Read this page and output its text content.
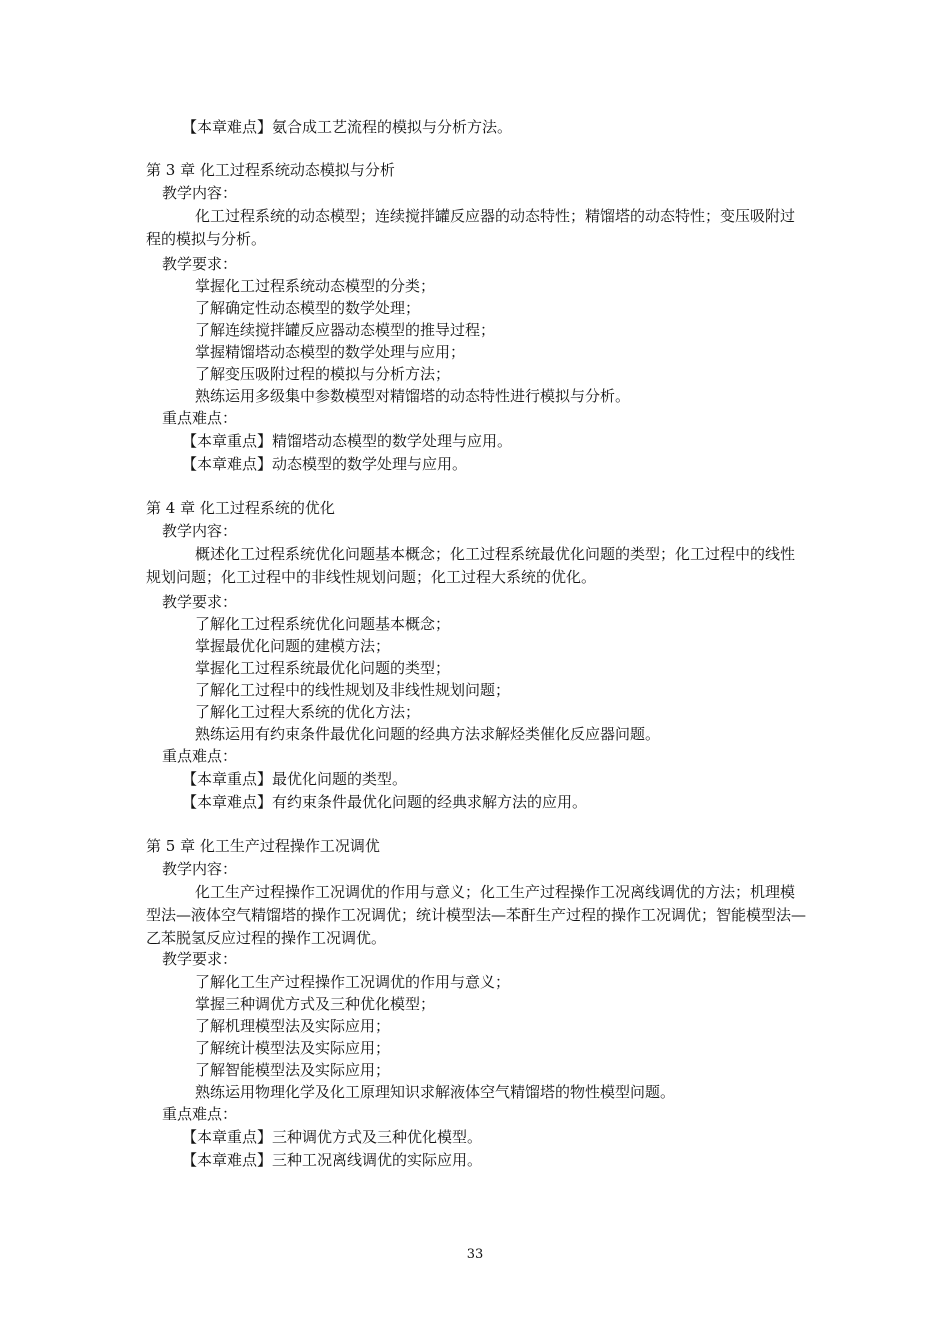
【本章难点】氨合成工艺流程的模拟与分析方法。
第 3 章 化工过程系统动态模拟与分析
教学内容：
化工过程系统的动态模型；连续搅拌罐反应器的动态特性；精馏塔的动态特性；变压吸附过程的模拟与分析。
教学要求：
掌握化工过程系统动态模型的分类；
了解确定性动态模型的数学处理；
了解连续搅拌罐反应器动态模型的推导过程；
掌握精馏塔动态模型的数学处理与应用；
了解变压吸附过程的模拟与分析方法；
熟练运用多级集中参数模型对精馏塔的动态特性进行模拟与分析。
重点难点：
【本章重点】精馏塔动态模型的数学处理与应用。
【本章难点】动态模型的数学处理与应用。
第 4 章 化工过程系统的优化
教学内容：
概述化工过程系统优化问题基本概念；化工过程系统最优化问题的类型；化工过程中的线性规划问题；化工过程中的非线性规划问题；化工过程大系统的优化。
教学要求：
了解化工过程系统优化问题基本概念；
掌握最优化问题的建模方法；
掌握化工过程系统最优化问题的类型；
了解化工过程中的线性规划及非线性规划问题；
了解化工过程大系统的优化方法；
熟练运用有约束条件最优化问题的经典方法求解烃类催化反应器问题。
重点难点：
【本章重点】最优化问题的类型。
【本章难点】有约束条件最优化问题的经典求解方法的应用。
第 5 章 化工生产过程操作工况调优
教学内容：
化工生产过程操作工况调优的作用与意义；化工生产过程操作工况离线调优的方法；机理模型法—液体空气精馏塔的操作工况调优；统计模型法—苯酐生产过程的操作工况调优；智能模型法—乙苯脱氢反应过程的操作工况调优。
教学要求：
了解化工生产过程操作工况调优的作用与意义；
掌握三种调优方式及三种优化模型；
了解机理模型法及实际应用；
了解统计模型法及实际应用；
了解智能模型法及实际应用；
熟练运用物理化学及化工原理知识求解液体空气精馏塔的物性模型问题。
重点难点：
【本章重点】三种调优方式及三种优化模型。
【本章难点】三种工况离线调优的实际应用。
33
